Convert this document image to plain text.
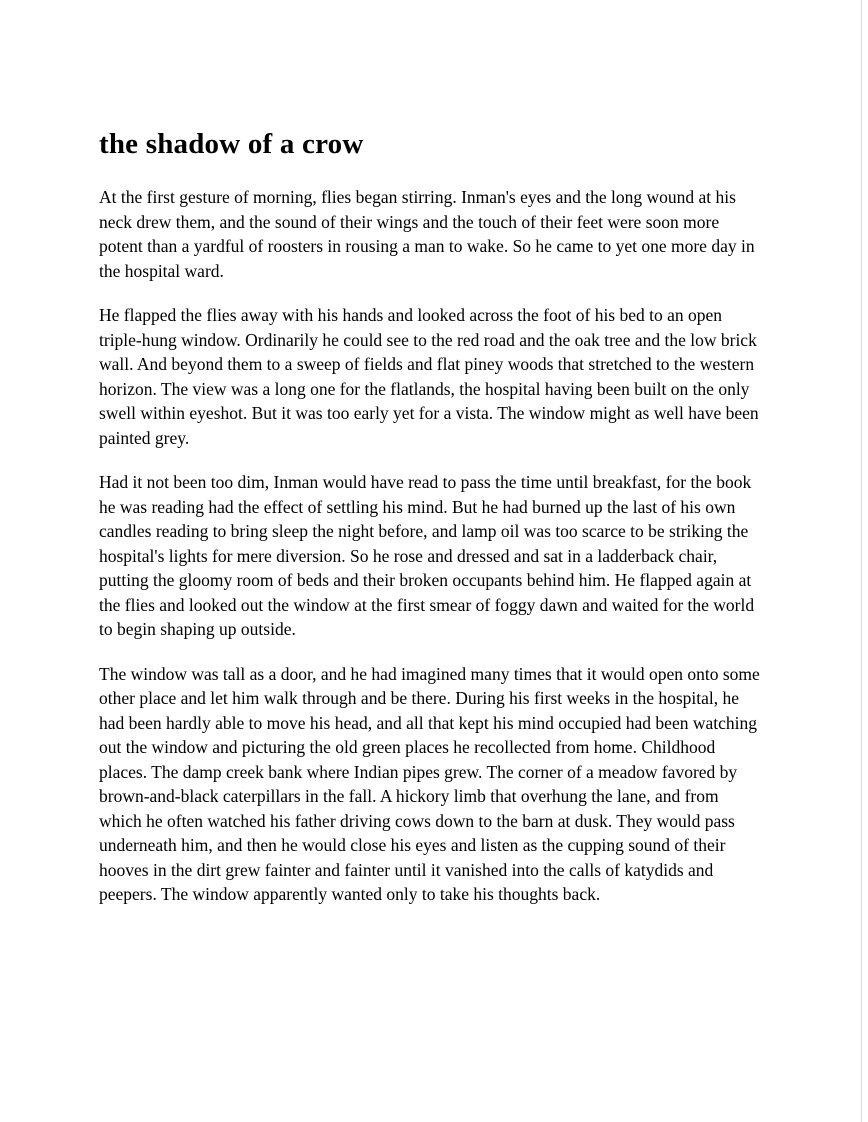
the shadow of a crow

At the first gesture of morning, flies began stirring. Inman's eyes and the long wound at his neck drew them, and the sound of their wings and the touch of their feet were soon more potent than a yardful of roosters in rousing a man to wake. So he came to yet one more day in the hospital ward.

He flapped the flies away with his hands and looked across the foot of his bed to an open triple-hung window. Ordinarily he could see to the red road and the oak tree and the low brick wall. And beyond them to a sweep of fields and flat piney woods that stretched to the western horizon. The view was a long one for the flatlands, the hospital having been built on the only swell within eyeshot. But it was too early yet for a vista. The window might as well have been painted grey.

Had it not been too dim, Inman would have read to pass the time until breakfast, for the book he was reading had the effect of settling his mind. But he had burned up the last of his own candles reading to bring sleep the night before, and lamp oil was too scarce to be striking the hospital's lights for mere diversion. So he rose and dressed and sat in a ladderback chair, putting the gloomy room of beds and their broken occupants behind him. He flapped again at the flies and looked out the window at the first smear of foggy dawn and waited for the world to begin shaping up outside.

The window was tall as a door, and he had imagined many times that it would open onto some other place and let him walk through and be there. During his first weeks in the hospital, he had been hardly able to move his head, and all that kept his mind occupied had been watching out the window and picturing the old green places he recollected from home. Childhood places. The damp creek bank where Indian pipes grew. The corner of a meadow favored by brown-and-black caterpillars in the fall. A hickory limb that overhung the lane, and from which he often watched his father driving cows down to the barn at dusk. They would pass underneath him, and then he would close his eyes and listen as the cupping sound of their hooves in the dirt grew fainter and fainter until it vanished into the calls of katydids and peepers. The window apparently wanted only to take his thoughts back.
